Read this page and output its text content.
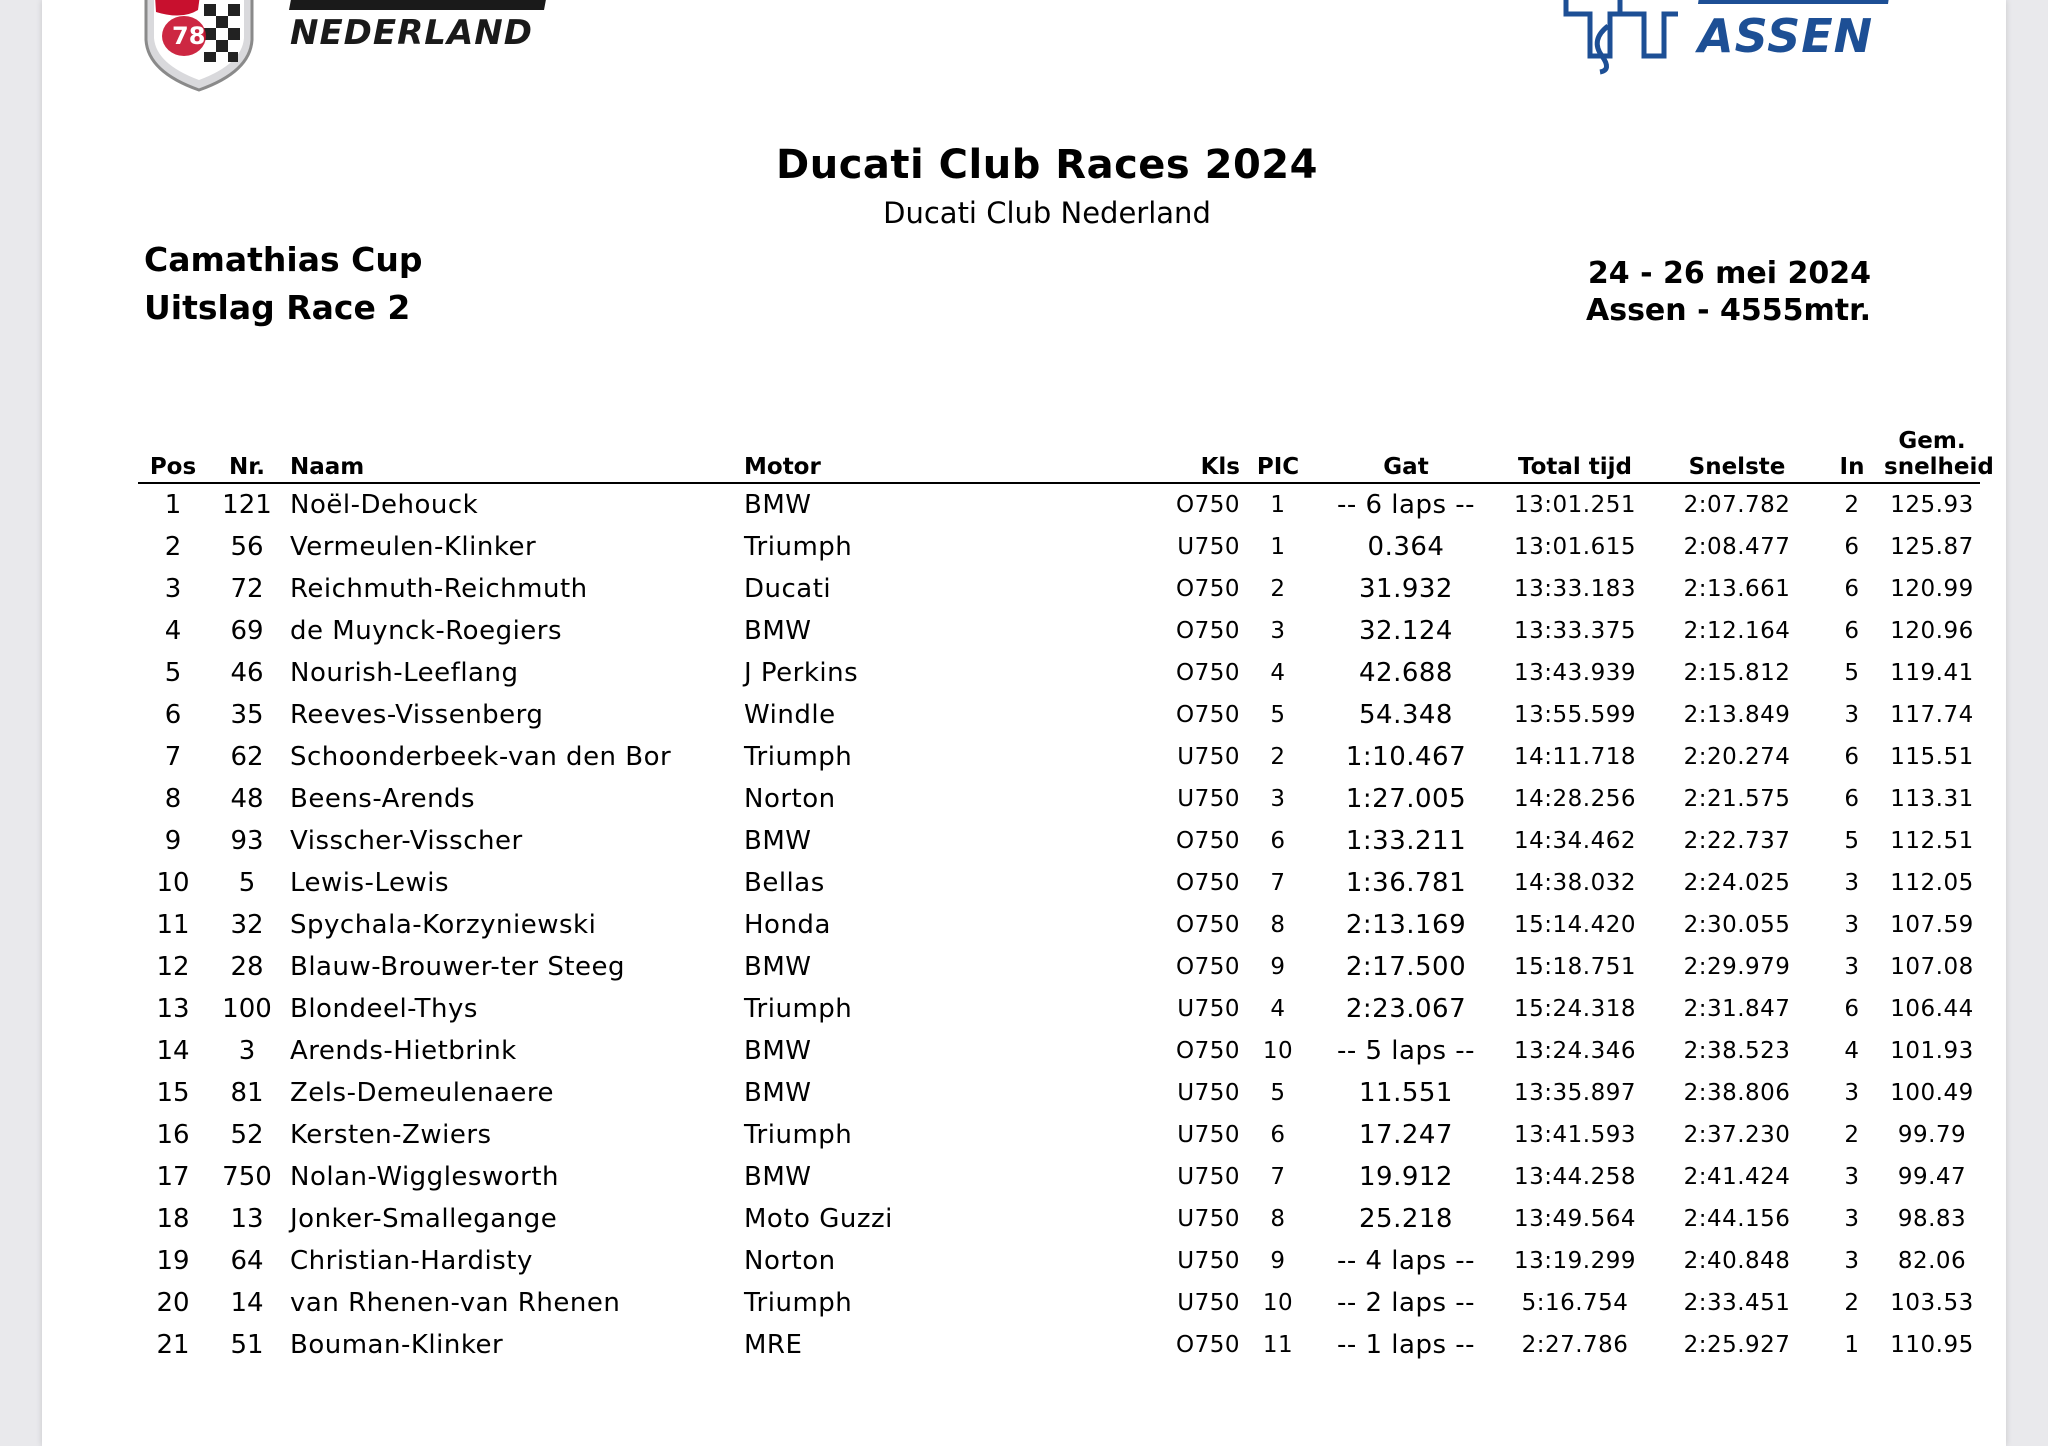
78 NEDERLAND	ASSEN
Ducati Club Races 2024
Ducati Club Nederland
Camathias Cup
Uitslag Race 2
24 - 26 mei 2024
Assen - 4555mtr.
Pos	Nr.	Naam	Motor	Kls	PIC	Gat	Total tijd	Snelste	In	Gem.
snelheid
1	121	Noël-Dehouck	BMW	O750	1	-- 6 laps --	13:01.251	2:07.782	2	125.93
2	56	Vermeulen-Klinker	Triumph	U750	1	0.364	13:01.615	2:08.477	6	125.87
3	72	Reichmuth-Reichmuth	Ducati	O750	2	31.932	13:33.183	2:13.661	6	120.99
4	69	de Muynck-Roegiers	BMW	O750	3	32.124	13:33.375	2:12.164	6	120.96
5	46	Nourish-Leeflang	J Perkins	O750	4	42.688	13:43.939	2:15.812	5	119.41
6	35	Reeves-Vissenberg	Windle	O750	5	54.348	13:55.599	2:13.849	3	117.74
7	62	Schoonderbeek-van den Bor	Triumph	U750	2	1:10.467	14:11.718	2:20.274	6	115.51
8	48	Beens-Arends	Norton	U750	3	1:27.005	14:28.256	2:21.575	6	113.31
9	93	Visscher-Visscher	BMW	O750	6	1:33.211	14:34.462	2:22.737	5	112.51
10	5	Lewis-Lewis	Bellas	O750	7	1:36.781	14:38.032	2:24.025	3	112.05
11	32	Spychala-Korzyniewski	Honda	O750	8	2:13.169	15:14.420	2:30.055	3	107.59
12	28	Blauw-Brouwer-ter Steeg	BMW	O750	9	2:17.500	15:18.751	2:29.979	3	107.08
13	100	Blondeel-Thys	Triumph	U750	4	2:23.067	15:24.318	2:31.847	6	106.44
14	3	Arends-Hietbrink	BMW	O750	10	-- 5 laps --	13:24.346	2:38.523	4	101.93
15	81	Zels-Demeulenaere	BMW	U750	5	11.551	13:35.897	2:38.806	3	100.49
16	52	Kersten-Zwiers	Triumph	U750	6	17.247	13:41.593	2:37.230	2	99.79
17	750	Nolan-Wigglesworth	BMW	U750	7	19.912	13:44.258	2:41.424	3	99.47
18	13	Jonker-Smallegange	Moto Guzzi	U750	8	25.218	13:49.564	2:44.156	3	98.83
19	64	Christian-Hardisty	Norton	U750	9	-- 4 laps --	13:19.299	2:40.848	3	82.06
20	14	van Rhenen-van Rhenen	Triumph	U750	10	-- 2 laps --	5:16.754	2:33.451	2	103.53
21	51	Bouman-Klinker	MRE	O750	11	-- 1 laps --	2:27.786	2:25.927	1	110.95
